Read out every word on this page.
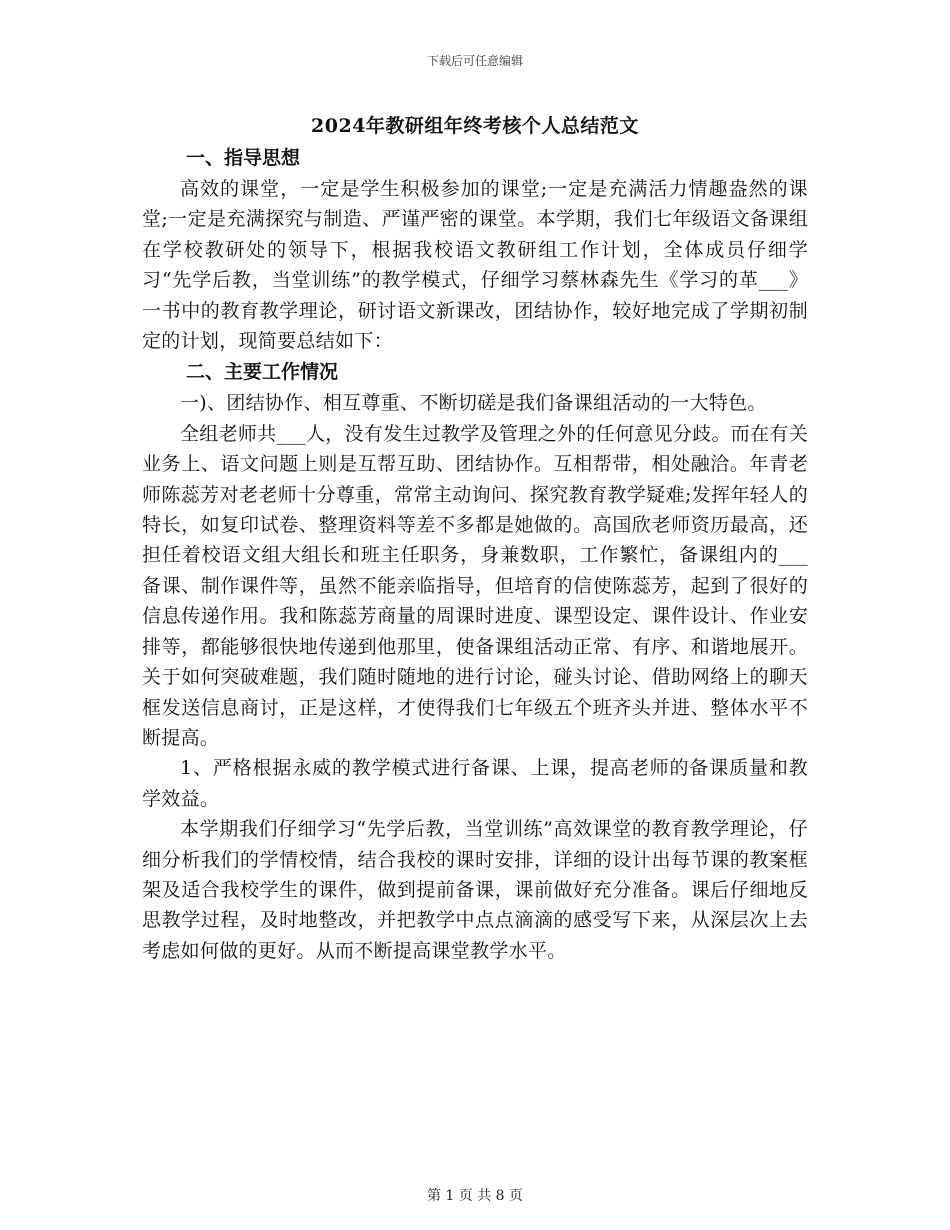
下载后可任意编辑
2024年教研组年终考核个人总结范文
一、指导思想

高效的课堂，一定是学生积极参加的课堂;一定是充满活力情趣盎然的课堂;一定是充满探究与制造、严谨严密的课堂。本学期，我们七年级语文备课组在学校教研处的领导下，根据我校语文教研组工作计划，全体成员仔细学习“先学后教，当堂训练”的教学模式，仔细学习蔡林森先生《学习的革___》一书中的教育教学理论，研讨语文新课改，团结协作，较好地完成了学期初制定的计划，现简要总结如下：

二、主要工作情况

一)、团结协作、相互尊重、不断切磋是我们备课组活动的一大特色。

全组老师共___人，没有发生过教学及管理之外的任何意见分歧。而在有关业务上、语文问题上则是互帮互助、团结协作。互相帮带，相处融洽。年青老师陈蕊芳对老老师十分尊重，常常主动询问、探究教育教学疑难;发挥年轻人的特长，如复印试卷、整理资料等差不多都是她做的。高国欣老师资历最高，还担任着校语文组大组长和班主任职务，身兼数职，工作繁忙，备课组内的___备课、制作课件等，虽然不能亲临指导，但培育的信使陈蕊芳，起到了很好的信息传递作用。我和陈蕊芳商量的周课时进度、课型设定、课件设计、作业安排等，都能够很快地传递到他那里，使备课组活动正常、有序、和谐地展开。关于如何突破难题，我们随时随地的进行讨论，碰头讨论、借助网络上的聊天框发送信息商讨，正是这样，才使得我们七年级五个班齐头并进、整体水平不断提高。

1、严格根据永威的教学模式进行备课、上课，提高老师的备课质量和教学效益。

本学期我们仔细学习“先学后教，当堂训练”高效课堂的教育教学理论，仔细分析我们的学情校情，结合我校的课时安排，详细的设计出每节课的教案框架及适合我校学生的课件，做到提前备课，课前做好充分准备。课后仔细地反思教学过程，及时地整改，并把教学中点点滴滴的感受写下来，从深层次上去考虑如何做的更好。从而不断提高课堂教学水平。

第 1 页 共 8 页
